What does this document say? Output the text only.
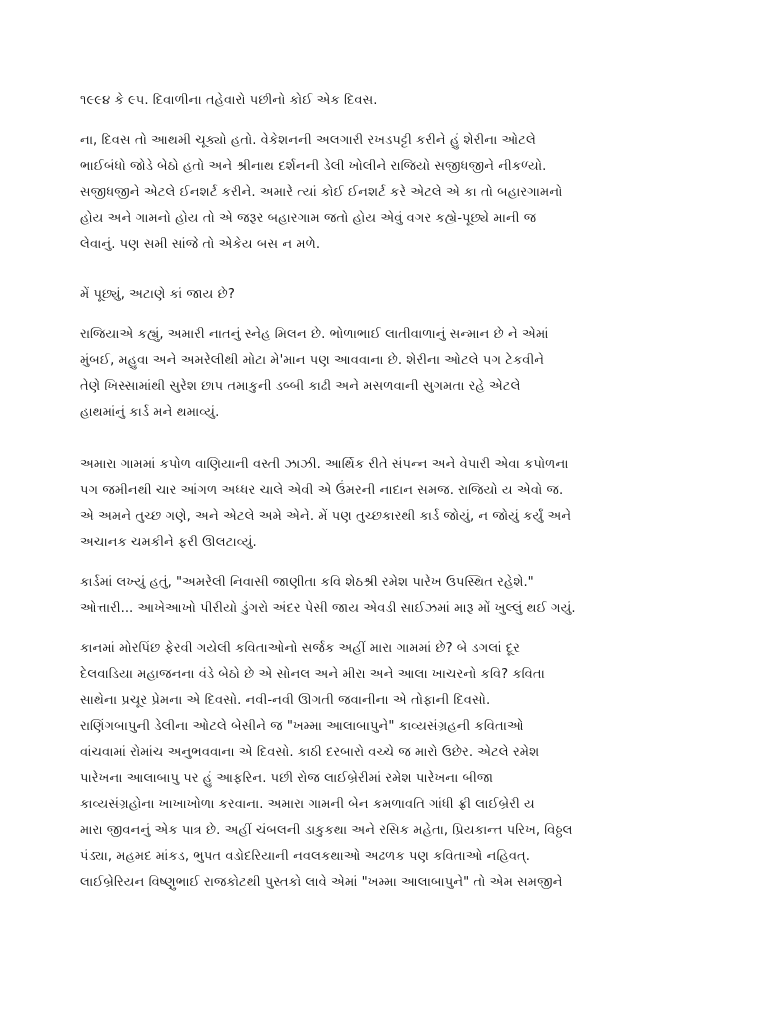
૧૯૯૪ કે ૯૫. દિવાળીના તહેવારો પછીનો કોઈ એક દિવસ.

ના, દિવસ તો આથમી ચૂક્યો હતો. વેકેશનની અલગારી રખડપટ્ટી કરીને હું શેરીના ઓટલે
ભાઈબંધો જોડે બેઠો હતો અને શ્રીનાથ દર્શનની ડેલી ખોલીને રાજિયો સજીધજીને નીકળ્યો.
સજીધજીને એટલે ઈનશર્ટ કરીને. અમારે ત્યાં કોઈ ઈનશર્ટ કરે એટલે એ કા તો બહારગામનો
હોય અને ગામનો હોય તો એ જરૂર બહારગામ જતો હોય એવું વગર કહ્યે-પૂછ્યે માની જ
લેવાનું. પણ સમી સાંજે તો એકેય બસ ન મળે.

મેં પૂછ્યું, અટાણે કાં જાય છે?

રાજિયાએ કહ્યું, અમારી નાતનું સ્નેહ મિલન છે. ભોળાભાઈ લાતીવાળાનું સન્માન છે ને એમાં
મુંબઈ, મહુવા અને અમરેલીથી મોટા મે'માન પણ આવવાના છે. શેરીના ઓટલે પગ ટેકવીને
તેણે ખિસ્સામાંથી સુરેશ છાપ તમાકુની ડબ્બી કાઢી અને મસળવાની સુગમતા રહે એટલે
હાથમાંનું કાર્ડ મને થમાવ્યું.

અમારા ગામમાં કપોળ વાણિયાની વસ્તી ઝાઝી. આર્થિક રીતે સંપન્ન અને વેપારી એવા કપોળના
પગ જમીનથી ચાર આંગળ અધ્ધર ચાલે એવી એ ઉંમરની નાદાન સમજ. રાજિયો ય એવો જ.
એ અમને તુચ્છ ગણે, અને એટલે અમે એને. મેં પણ તુચ્છકારથી કાર્ડ જોયું, ન જોયું કર્યું અને
અચાનક ચમકીને ફરી ઊલટાવ્યું.

કાર્ડમાં લખ્યું હતું, "અમરેલી નિવાસી જાણીતા કવિ શેઠશ્રી રમેશ પારેખ ઉપસ્થિત રહેશે."
ઓત્તારી... આખેઆખો પીરીયો ડુંગરો અંદર પેસી જાય એવડી સાઈઝમાં મારૂ મોં ખુલ્લું થઈ ગયું.

કાનમાં મોરપિંછ ફેરવી ગયેલી કવિતાઓનો સર્જક અહીં મારા ગામમાં છે? બે ડગલાં દૂર
દેલવાડિયા મહાજનના વંડે બેઠો છે એ સોનલ અને મીરા અને આલા ખાચરનો કવિ? કવિતા
સાથેના પ્રચૂર પ્રેમના એ દિવસો. નવી-નવી ઊગતી જવાનીના એ તોફાની દિવસો.
રાણિંગબાપુની ડેલીના ઓટલે બેસીને જ "ખમ્મા આલાબાપુને" કાવ્યસંગ્રહની કવિતાઓ
વાંચવામાં રોમાંચ અનુભવવાના એ દિવસો. કાઠી દરબારો વચ્ચે જ મારો ઉછેર. એટલે રમેશ
પારેખના આલાબાપુ પર હું આફરિન. પછી રોજ લાઈબ્રેરીમાં રમેશ પારેખના બીજા
કાવ્યસંગ્રહોના ખાખાખોળા કરવાના. અમારા ગામની બેન કમળાવતિ ગાંધી ફ્રી લાઈબ્રેરી ય
મારા જીવનનું એક પાત્ર છે. અહીં ચંબલની ડાકુકથા અને રસિક મહેતા, પ્રિયકાન્ત પરિખ, વિઠ્ઠલ
પંડ્યા, મહમદ માંકડ, ભુપત વડોદરિયાની નવલકથાઓ અઢળક પણ કવિતાઓ નહિવત્.
લાઈબ્રેરિયન વિષ્ણુભાઈ રાજકોટથી પુસ્તકો લાવે એમાં "ખમ્મા આલાબાપુને" તો એમ સમજીને
